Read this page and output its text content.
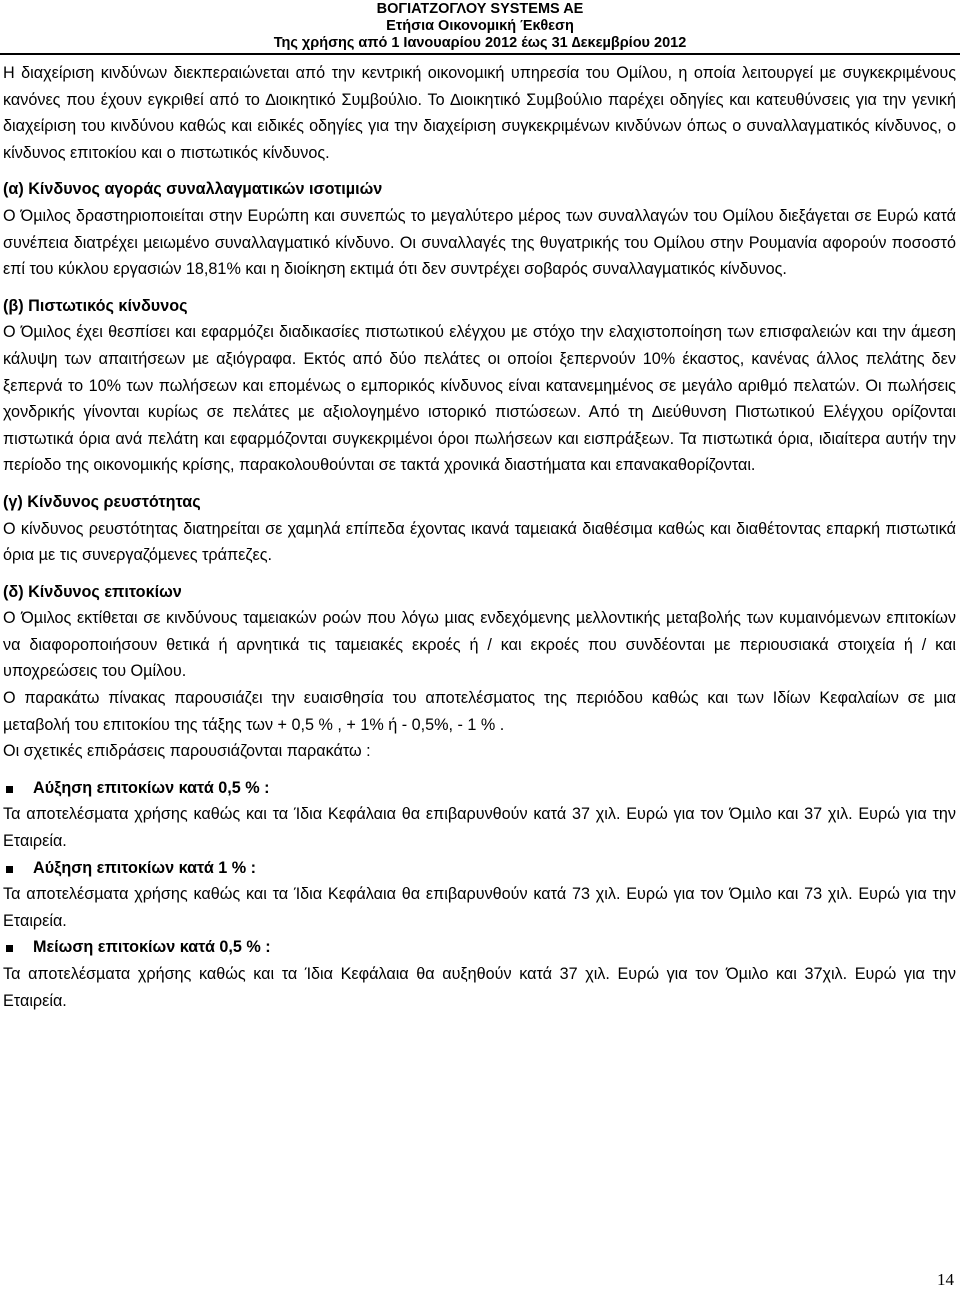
ΒΟΓΙΑΤΖΟΓΛΟΥ SYSTEMS AE
Ετήσια Οικονοµική Έκθεση
Της χρήσης από 1 Ιανουαρίου 2012 έως 31 ∆εκεµβρίου 2012

Η διαχείριση κινδύνων διεκπεραιώνεται από την κεντρική οικονοµική υπηρεσία του Οµίλου, η οποία λειτουργεί µε συγκεκριµένους κανόνες που έχουν εγκριθεί από το ∆ιοικητικό Συµβούλιο. Το ∆ιοικητικό Συµβούλιο παρέχει οδηγίες και κατευθύνσεις για την γενική διαχείριση του κινδύνου καθώς και ειδικές οδηγίες για την διαχείριση συγκεκριµένων κινδύνων όπως ο συναλλαγµατικός κίνδυνος, ο κίνδυνος επιτοκίου και ο πιστωτικός κίνδυνος.

(α) Κίνδυνος αγοράς συναλλαγµατικών ισοτιµιών

Ο Όµιλος δραστηριοποιείται στην Ευρώπη και συνεπώς το µεγαλύτερο µέρος των συναλλαγών του Οµίλου διεξάγεται σε Ευρώ κατά συνέπεια διατρέχει µειωµένο συναλλαγµατικό κίνδυνο. Οι συναλλαγές της θυγατρικής του Οµίλου στην Ρουµανία αφορούν ποσοστό επί του κύκλου εργασιών 18,81% και η διοίκηση εκτιµά ότι δεν συντρέχει σοβαρός συναλλαγµατικός κίνδυνος.

(β) Πιστωτικός κίνδυνος

Ο Όµιλος έχει θεσπίσει και εφαρµόζει διαδικασίες πιστωτικού ελέγχου µε στόχο την ελαχιστοποίηση των επισφαλειών και την άµεση κάλυψη των απαιτήσεων µε αξιόγραφα. Εκτός από δύο πελάτες οι οποίοι ξεπερνούν 10% έκαστος, κανένας άλλος πελάτης δεν ξεπερνά το 10% των πωλήσεων και εποµένως ο εµπορικός κίνδυνος είναι κατανεµηµένος σε µεγάλο αριθµό πελατών. Οι πωλήσεις χονδρικής γίνονται κυρίως σε πελάτες µε αξιολογηµένο ιστορικό πιστώσεων. Από τη ∆ιεύθυνση Πιστωτικού Ελέγχου ορίζονται πιστωτικά όρια ανά πελάτη και εφαρµόζονται συγκεκριµένοι όροι πωλήσεων και εισπράξεων. Τα πιστωτικά όρια, ιδιαίτερα αυτήν την περίοδο της οικονοµικής κρίσης, παρακολουθούνται σε τακτά χρονικά διαστήµατα και επανακαθορίζονται.

(γ) Κίνδυνος ρευστότητας

Ο κίνδυνος ρευστότητας διατηρείται σε χαµηλά επίπεδα έχοντας ικανά ταµειακά διαθέσιµα καθώς και διαθέτοντας επαρκή πιστωτικά όρια µε τις συνεργαζόµενες τράπεζες.

(δ) Κίνδυνος επιτοκίων

Ο Όµιλος εκτίθεται σε κινδύνους ταµειακών ροών που λόγω µιας ενδεχόµενης µελλοντικής µεταβολής των κυµαινόµενων επιτοκίων να διαφοροποιήσουν θετικά ή αρνητικά τις ταµειακές εκροές ή / και εκροές που συνδέονται µε περιουσιακά στοιχεία ή / και υποχρεώσεις του Οµίλου.

Ο παρακάτω πίνακας παρουσιάζει την ευαισθησία του αποτελέσµατος της περιόδου καθώς και των Ιδίων Κεφαλαίων σε µια µεταβολή του επιτοκίου της τάξης των + 0,5 % , + 1% ή - 0,5%, - 1 % .

Οι σχετικές επιδράσεις παρουσιάζονται παρακάτω :

Αύξηση επιτοκίων κατά 0,5 % :

Τα αποτελέσµατα χρήσης καθώς και τα Ίδια Κεφάλαια θα επιβαρυνθούν κατά 37 χιλ. Ευρώ για τον Όµιλο και 37 χιλ. Ευρώ για την Εταιρεία.

Αύξηση επιτοκίων κατά 1 % :

Τα αποτελέσµατα χρήσης καθώς και τα Ίδια Κεφάλαια θα επιβαρυνθούν κατά 73 χιλ. Ευρώ για τον Όµιλο και 73 χιλ. Ευρώ για την Εταιρεία.

Μείωση επιτοκίων κατά 0,5 % :

Τα αποτελέσµατα χρήσης καθώς και τα Ίδια Κεφάλαια θα αυξηθούν κατά 37 χιλ. Ευρώ για τον Όµιλο και 37χιλ. Ευρώ για την Εταιρεία.

14
